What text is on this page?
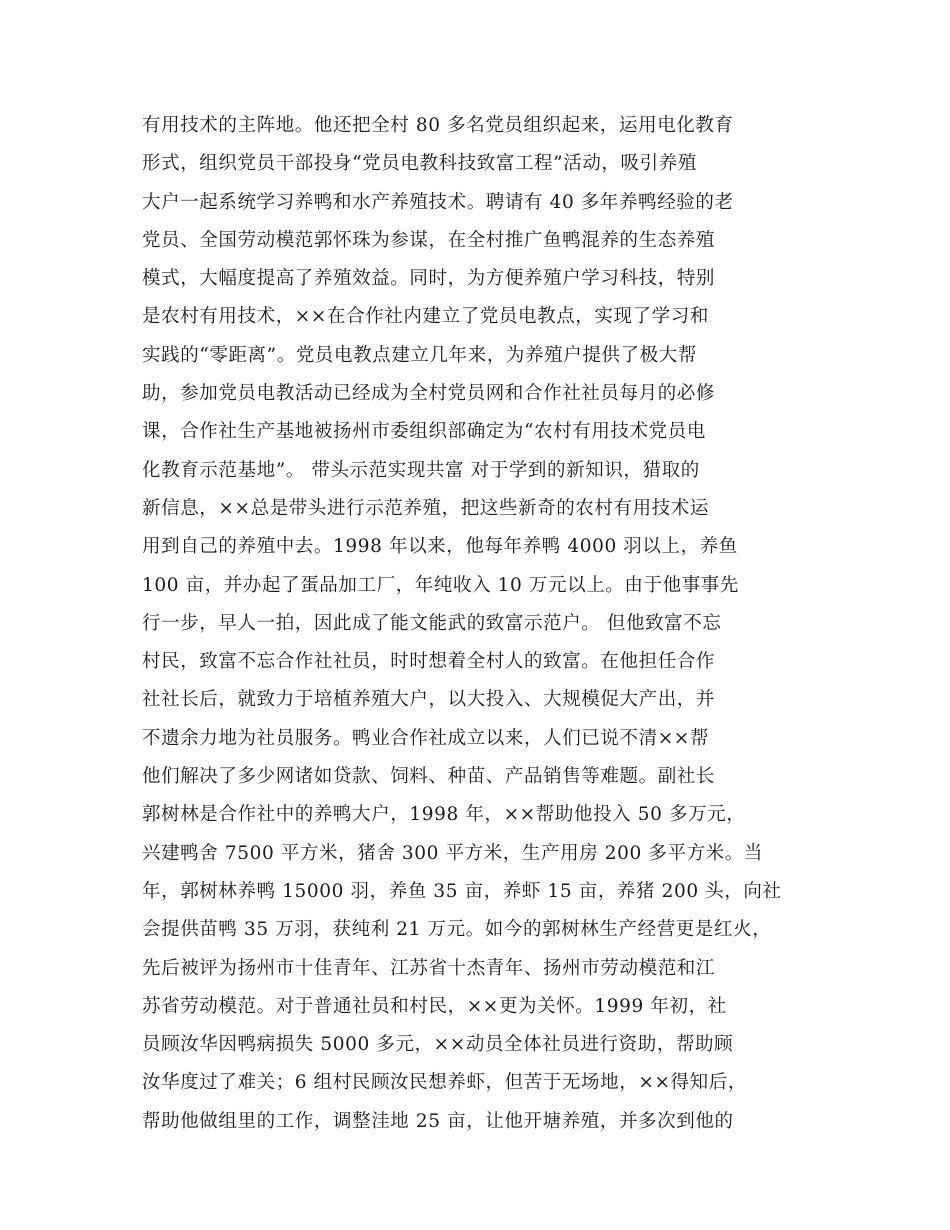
有用技术的主阵地。他还把全村 80 多名党员组织起来，运用电化教育
形式，组织党员干部投身“党员电教科技致富工程”活动，吸引养殖
大户一起系统学习养鸭和水产养殖技术。聘请有 40 多年养鸭经验的老
党员、全国劳动模范郭怀珠为参谋，在全村推广鱼鸭混养的生态养殖
模式，大幅度提高了养殖效益。同时，为方便养殖户学习科技，特别
是农村有用技术，××在合作社内建立了党员电教点，实现了学习和
实践的“零距离”。党员电教点建立几年来，为养殖户提供了极大帮
助，参加党员电教活动已经成为全村党员网和合作社社员每月的必修
课，合作社生产基地被扬州市委组织部确定为“农村有用技术党员电
化教育示范基地”。 带头示范实现共富 对于学到的新知识，猎取的
新信息，××总是带头进行示范养殖，把这些新奇的农村有用技术运
用到自己的养殖中去。1998 年以来，他每年养鸭 4000 羽以上，养鱼
100 亩，并办起了蛋品加工厂，年纯收入 10 万元以上。由于他事事先
行一步，早人一拍，因此成了能文能武的致富示范户。 但他致富不忘
村民，致富不忘合作社社员，时时想着全村人的致富。在他担任合作
社社长后，就致力于培植养殖大户，以大投入、大规模促大产出，并
不遗余力地为社员服务。鸭业合作社成立以来，人们已说不清××帮
他们解决了多少网诸如贷款、饲料、种苗、产品销售等难题。副社长
郭树林是合作社中的养鸭大户，1998 年，××帮助他投入 50 多万元，
兴建鸭舍 7500 平方米，猪舍 300 平方米，生产用房 200 多平方米。当
年，郭树林养鸭 15000 羽，养鱼 35 亩，养虾 15 亩，养猪 200 头，向社
会提供苗鸭 35 万羽，获纯利 21 万元。如今的郭树林生产经营更是红火，
先后被评为扬州市十佳青年、江苏省十杰青年、扬州市劳动模范和江
苏省劳动模范。对于普通社员和村民，××更为关怀。1999 年初，社
员顾汝华因鸭病损失 5000 多元，××动员全体社员进行资助，帮助顾
汝华度过了难关；6 组村民顾汝民想养虾，但苦于无场地，××得知后，
帮助他做组里的工作，调整洼地 25 亩，让他开塘养殖，并多次到他的
